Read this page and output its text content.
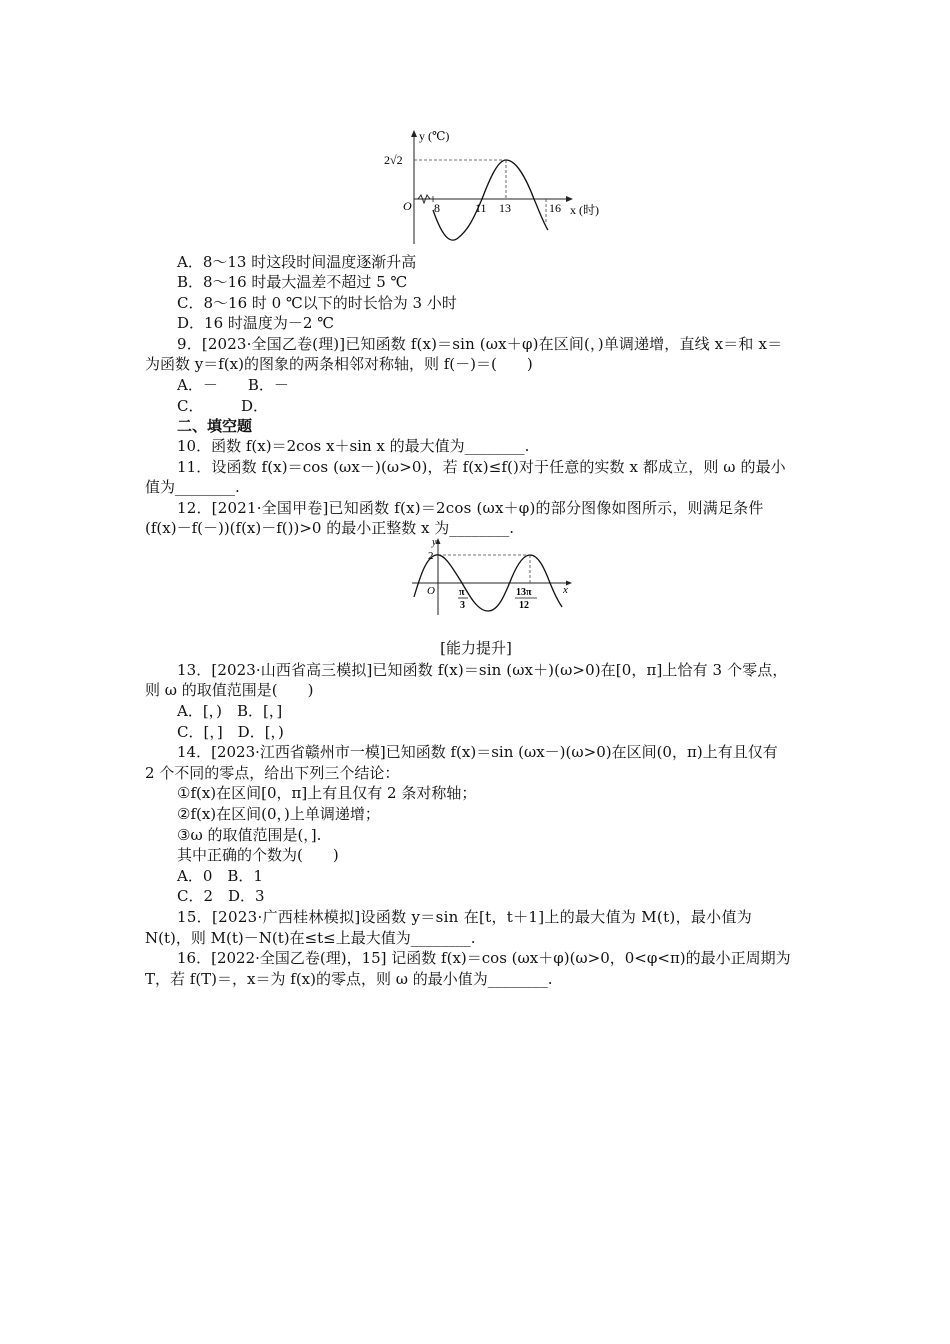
y (℃)
2√2
O 8	11 13	16 x (时)
A．8～13 时这段时间温度逐渐升高
B．8～16 时最大温差不超过 5 ℃
C．8～16 时 0 ℃以下的时长恰为 3 小时
D．16 时温度为－2 ℃
9．[2023·全国乙卷(理)]已知函数 f(x)＝sin (ωx＋φ)在区间(，)单调递增，直线 x＝和 x＝
为函数 y＝f(x)的图象的两条相邻对称轴，则 f(－)＝(　　)
A．－　　B．－
C．　　　D．
二、填空题
10．函数 f(x)＝2cos x＋sin x 的最大值为________.
11．设函数 f(x)＝cos (ωx－)(ω>0)，若 f(x)≤f()对于任意的实数 x 都成立，则 ω 的最小
值为________.
12．[2021·全国甲卷]已知函数 f(x)＝2cos (ωx＋φ)的部分图像如图所示，则满足条件
(f(x)－f(－))(f(x)－f())>0 的最小正整数 x 为________.
y
2
O	x
π
3
13π
12
[能力提升]
13．[2023·山西省高三模拟]已知函数 f(x)＝sin (ωx＋)(ω>0)在[0，π]上恰有 3 个零点，
则 ω 的取值范围是(　　)
A．[，)　B．[，]
C．[，]　D．[，)
14．[2023·江西省赣州市一模]已知函数 f(x)＝sin (ωx－)(ω>0)在区间(0，π)上有且仅有
2 个不同的零点，给出下列三个结论：
①f(x)在区间[0，π]上有且仅有 2 条对称轴；
②f(x)在区间(0，)上单调递增；
③ω 的取值范围是(，].
其中正确的个数为(　　)
A．0　B．1
C．2　D．3
15．[2023·广西桂林模拟]设函数 y＝sin 在[t，t＋1]上的最大值为 M(t)，最小值为
N(t)，则 M(t)－N(t)在≤t≤上最大值为________.
16．[2022·全国乙卷(理)，15] 记函数 f(x)＝cos (ωx＋φ)(ω>0，0<φ<π)的最小正周期为
T，若 f(T)＝，x＝为 f(x)的零点，则 ω 的最小值为________.
